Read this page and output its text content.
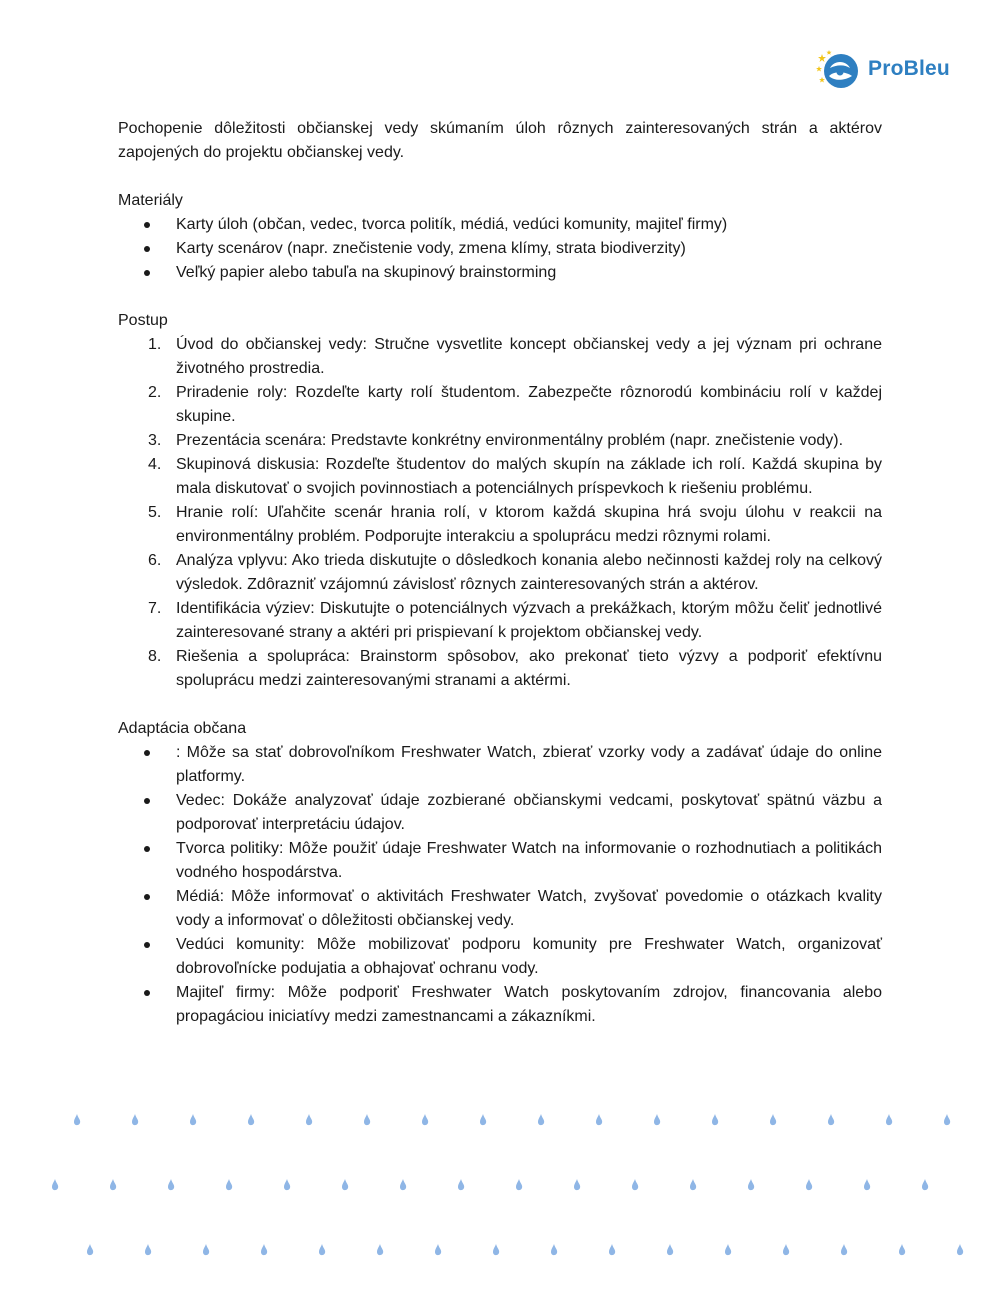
ProBleu

Pochopenie dôležitosti občianskej vedy skúmaním úloh rôznych zainteresovaných strán a aktérov zapojených do projektu občianskej vedy.

Materiály
Karty úloh (občan, vedec, tvorca politík, médiá, vedúci komunity, majiteľ firmy)
Karty scenárov (napr. znečistenie vody, zmena klímy, strata biodiverzity)
Veľký papier alebo tabuľa na skupinový brainstorming
Postup
1. Úvod do občianskej vedy: Stručne vysvetlite koncept občianskej vedy a jej význam pri ochrane životného prostredia.
2. Priradenie roly: Rozdeľte karty rolí študentom. Zabezpečte rôznorodú kombináciu rolí v každej skupine.
3. Prezentácia scenára: Predstavte konkrétny environmentálny problém (napr. znečistenie vody).
4. Skupinová diskusia: Rozdeľte študentov do malých skupín na základe ich rolí. Každá skupina by mala diskutovať o svojich povinnostiach a potenciálnych príspevkoch k riešeniu problému.
5. Hranie rolí: Uľahčite scenár hrania rolí, v ktorom každá skupina hrá svoju úlohu v reakcii na environmentálny problém. Podporujte interakciu a spoluprácu medzi rôznymi rolami.
6. Analýza vplyvu: Ako trieda diskutujte o dôsledkoch konania alebo nečinnosti každej roly na celkový výsledok. Zdôrazniť vzájomnú závislosť rôznych zainteresovaných strán a aktérov.
7. Identifikácia výziev: Diskutujte o potenciálnych výzvach a prekážkach, ktorým môžu čeliť jednotlivé zainteresované strany a aktéri pri prispievaní k projektom občianskej vedy.
8. Riešenia a spolupráca: Brainstorm spôsobov, ako prekonať tieto výzvy a podporiť efektívnu spoluprácu medzi zainteresovanými stranami a aktérmi.
Adaptácia občana
: Môže sa stať dobrovoľníkom Freshwater Watch, zbierať vzorky vody a zadávať údaje do online platformy.
Vedec: Dokáže analyzovať údaje zozbierané občianskymi vedcami, poskytovať spätnú väzbu a podporovať interpretáciu údajov.
Tvorca politiky: Môže použiť údaje Freshwater Watch na informovanie o rozhodnutiach a politikách vodného hospodárstva.
Médiá: Môže informovať o aktivitách Freshwater Watch, zvyšovať povedomie o otázkach kvality vody a informovať o dôležitosti občianskej vedy.
Vedúci komunity: Môže mobilizovať podporu komunity pre Freshwater Watch, organizovať dobrovoľnícke podujatia a obhajovať ochranu vody.
Majiteľ firmy: Môže podporiť Freshwater Watch poskytovaním zdrojov, financovania alebo propagáciou iniciatívy medzi zamestnancami a zákazníkmi.
